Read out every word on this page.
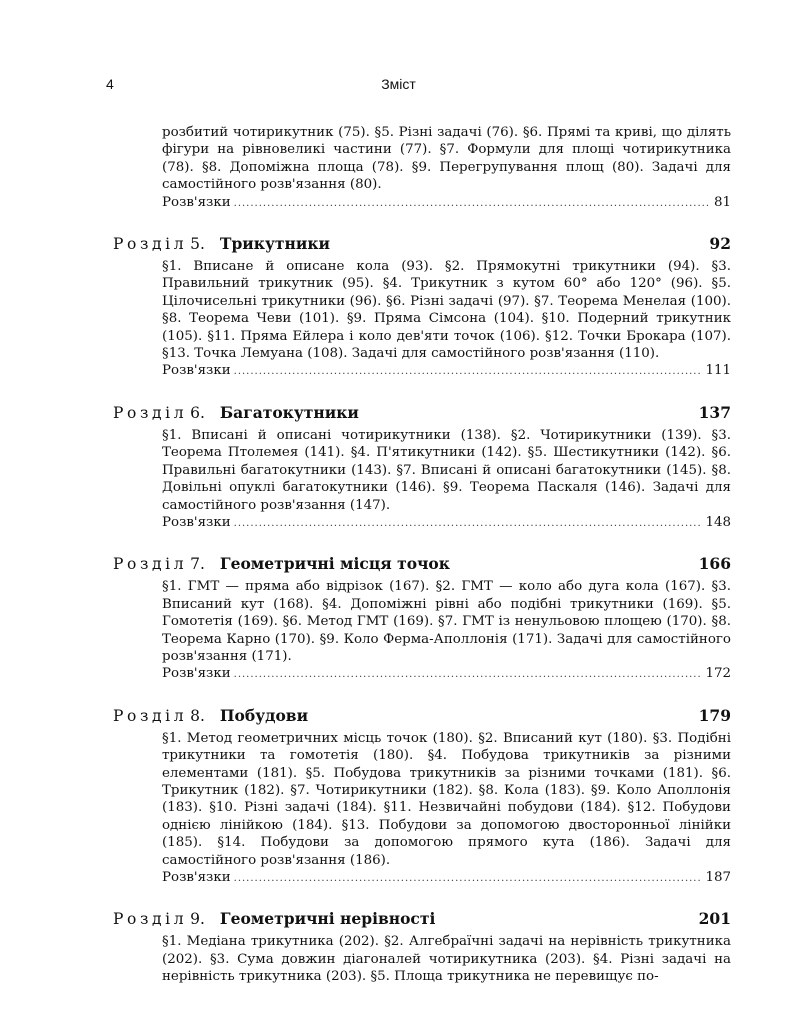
4	Зміст
розбитий чотирикутник (75). §5. Різні задачі (76). §6. Прямі та криві, що ділять фігури на рівновеликі частини (77). §7. Формули для площі чотирикутника (78). §8. Допоміжна площа (78). §9. Перегрупування площ (80). Задачі для самостійного розв'язання (80).
Розв'язки .....	81
Розділ 5. Трикутники	92
§1. Вписане й описане кола (93). §2. Прямокутні трикутники (94). §3. Правильний трикутник (95). §4. Трикутник з кутом 60° або 120° (96). §5. Цілочисельні трикутники (96). §6. Різні задачі (97). §7. Теорема Менелая (100). §8. Теорема Чеви (101). §9. Пряма Сімсона (104). §10. Подерний трикутник (105). §11. Пряма Ейлера і коло дев'яти точок (106). §12. Точки Брокара (107). §13. Точка Лемуана (108). Задачі для самостійного розв'язання (110).
Розв'язки .....	111
Розділ 6. Багатокутники	137
§1. Вписані й описані чотирикутники (138). §2. Чотирикутники (139). §3. Теорема Птолемея (141). §4. П'ятикутники (142). §5. Шестикутники (142). §6. Правильні багатокутники (143). §7. Вписані й описані багатокутники (145). §8. Довільні опуклі багатокутники (146). §9. Теорема Паскаля (146). Задачі для самостійного розв'язання (147).
Розв'язки .....	148
Розділ 7. Геометричні місця точок	166
§1. ГМТ — пряма або відрізок (167). §2. ГМТ — коло або дуга кола (167). §3. Вписаний кут (168). §4. Допоміжні рівні або подібні трикутники (169). §5. Гомотетія (169). §6. Метод ГМТ (169). §7. ГМТ із ненульовою площею (170). §8. Теорема Карно (170). §9. Коло Ферма-Аполлонія (171). Задачі для самостійного розв'язання (171).
Розв'язки .....	172
Розділ 8. Побудови	179
§1. Метод геометричних місць точок (180). §2. Вписаний кут (180). §3. Подібні трикутники та гомотетія (180). §4. Побудова трикутників за різними елементами (181). §5. Побудова трикутників за різними точками (181). §6. Трикутник (182). §7. Чотирикутники (182). §8. Кола (183). §9. Коло Аполлонія (183). §10. Різні задачі (184). §11. Незвичайні побудови (184). §12. Побудови однією лінійкою (184). §13. Побудови за допомогою двосторонньої лінійки (185). §14. Побудови за допомогою прямого кута (186). Задачі для самостійного розв'язання (186).
Розв'язки .....	187
Розділ 9. Геометричні нерівності	201
§1. Медіана трикутника (202). §2. Алгебраїчні задачі на нерівність трикутника (202). §3. Сума довжин діагоналей чотирикутника (203). §4. Різні задачі на нерівність трикутника (203). §5. Площа трикутника не перевищує по-
